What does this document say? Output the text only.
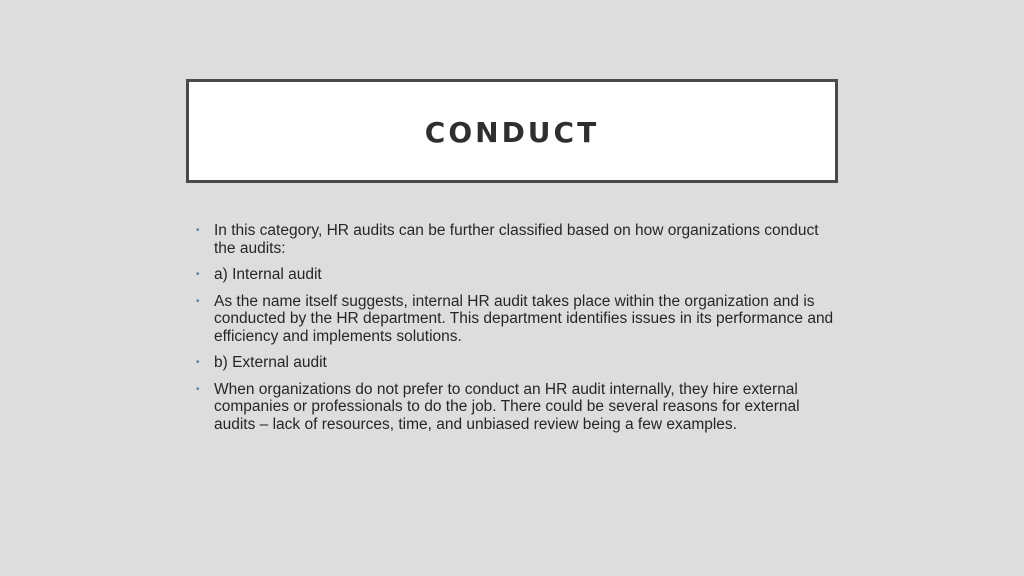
CONDUCT
• In this category, HR audits can be further classified based on how organizations conduct the audits:
• a) Internal audit
• As the name itself suggests, internal HR audit takes place within the organization and is conducted by the HR department. This department identifies issues in its performance and efficiency and implements solutions.
• b) External audit
• When organizations do not prefer to conduct an HR audit internally, they hire external companies or professionals to do the job. There could be several reasons for external audits – lack of resources, time, and unbiased review being a few examples.
